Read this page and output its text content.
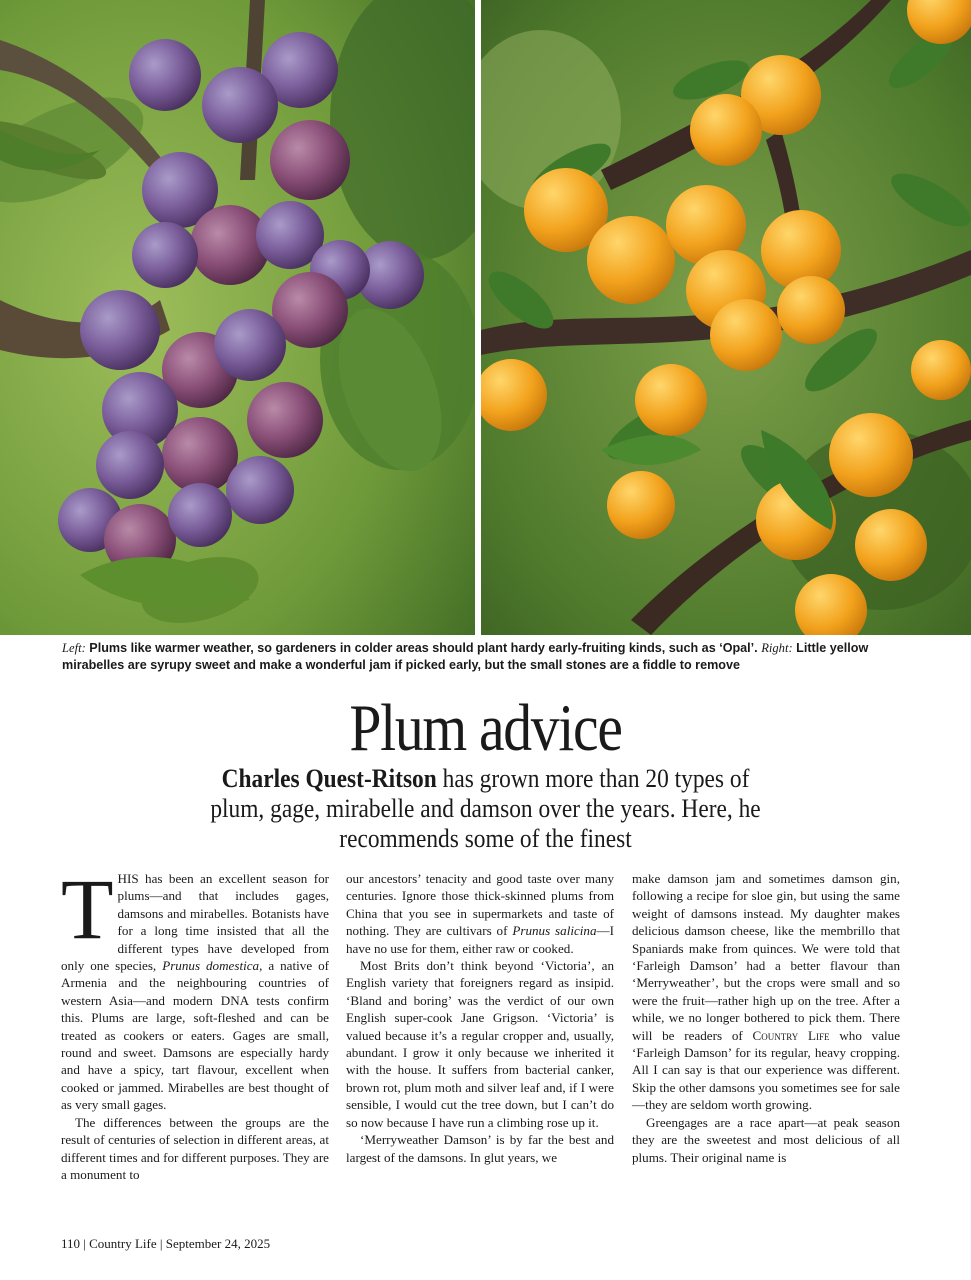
Left: Plums like warmer weather, so gardeners in colder areas should plant hardy early-fruiting kinds, such as ‘Opal’. Right: Little yellow mirabelles are syrupy sweet and make a wonderful jam if picked early, but the small stones are a fiddle to remove
Plum advice
Charles Quest-Ritson has grown more than 20 types of plum, gage, mirabelle and damson over the years. Here, he recommends some of the finest

THIS has been an excellent season for plums—and that includes gages, damsons and mirabelles. Botanists have for a long time insisted that all the different types have developed from only one species, Prunus domestica, a native of Armenia and the neighbouring countries of western Asia—and modern DNA tests confirm this. Plums are large, soft-fleshed and can be treated as cookers or eaters. Gages are small, round and sweet. Damsons are especially hardy and have a spicy, tart flavour, excellent when cooked or jammed. Mirabelles are best thought of as very small gages.

The differences between the groups are the result of centuries of selection in different areas, at different times and for different purposes. They are a monument to

our ancestors’ tenacity and good taste over many centuries. Ignore those thick-skinned plums from China that you see in supermarkets and taste of nothing. They are cultivars of Prunus salicina—I have no use for them, either raw or cooked.

Most Brits don’t think beyond ‘Victoria’, an English variety that foreigners regard as insipid. ‘Bland and boring’ was the verdict of our own English super-cook Jane Grigson. ‘Victoria’ is valued because it’s a regular cropper and, usually, abundant. I grow it only because we inherited it with the house. It suffers from bacterial canker, brown rot, plum moth and silver leaf and, if I were sensible, I would cut the tree down, but I can’t do so now because I have run a climbing rose up it.

‘Merryweather Damson’ is by far the best and largest of the damsons. In glut years, we

make damson jam and sometimes damson gin, following a recipe for sloe gin, but using the same weight of damsons instead. My daughter makes delicious damson cheese, like the membrillo that Spaniards make from quinces. We were told that ‘Farleigh Damson’ had a better flavour than ‘Merryweather’, but the crops were small and so were the fruit—rather high up on the tree. After a while, we no longer bothered to pick them. There will be readers of Country Life who value ‘Farleigh Damson’ for its regular, heavy cropping. All I can say is that our experience was different. Skip the other damsons you sometimes see for sale—they are seldom worth growing.

Greengages are a race apart—at peak season they are the sweetest and most delicious of all plums. Their original name is

110 | Country Life | September 24, 2025
